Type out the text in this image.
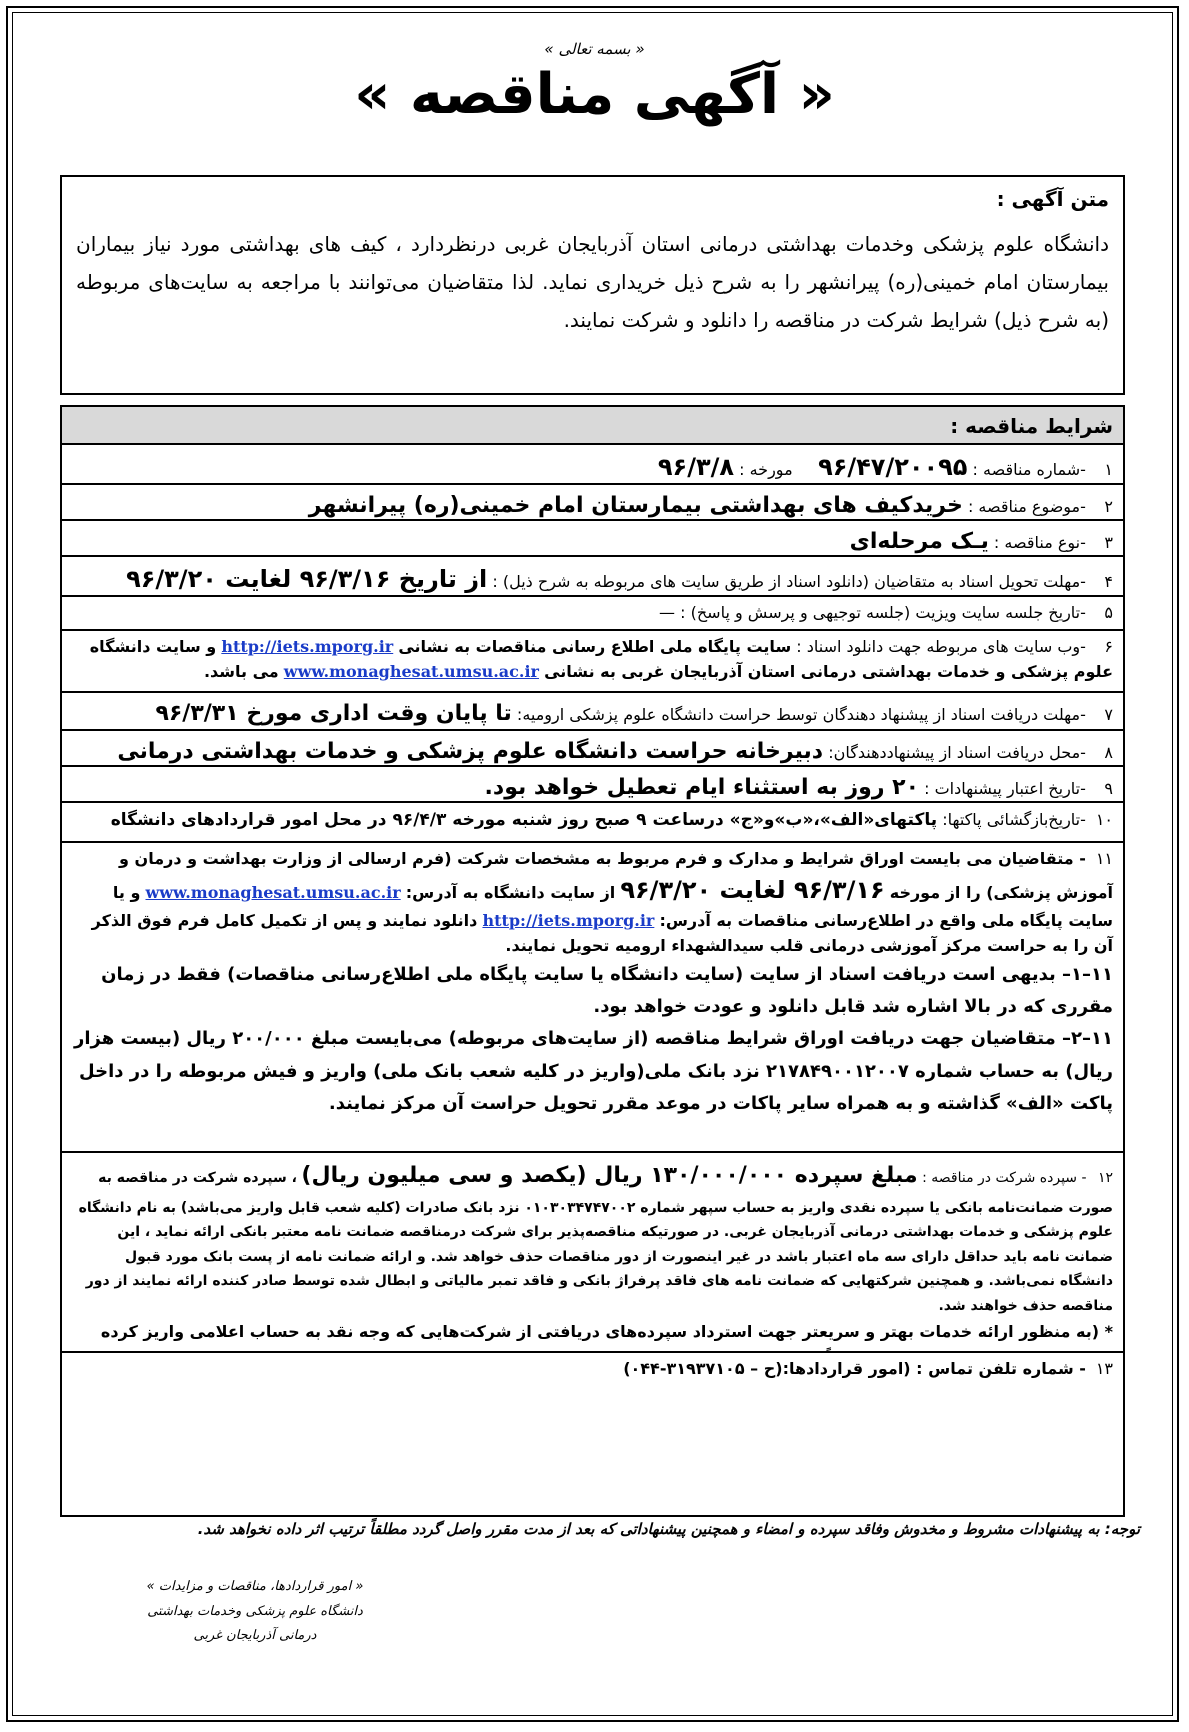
« بسمه تعالی »
« آگهی مناقصه »
متن آگهی :
دانشگاه علوم پزشکی وخدمات بهداشتی درمانی استان آذربایجان غربی درنظردارد ، کیف های بهداشتی مورد نیاز بیماران بیمارستان امام خمینی(ره) پیرانشهر را به شرح ذیل خریداری نماید. لذا متقاضیان می‌توانند با مراجعه به سایت‌های مربوطه (به شرح ذیل) شرایط شرکت در مناقصه را دانلود و شرکت نمایند.
شرایط مناقصه :
۱ -شماره مناقصه : ۹۶/۴۷/۲۰۰۹۵     مورخه : ۹۶/۳/۸
۲ -موضوع مناقصه : خریدکیف های بهداشتی بیمارستان امام خمینی(ره) پیرانشهر
۳ -نوع مناقصه : یـک مرحله‌ای
۴ -مهلت تحویل اسناد به متقاضیان (دانلود اسناد از طریق سایت های مربوطه به شرح ذیل) : از تاریخ ۹۶/۳/۱۶ لغایت ۹۶/۳/۲۰
۵ -تاریخ جلسه سایت ویزیت (جلسه توجیهی و پرسش و پاسخ) : —
۶ -وب سایت های مربوطه جهت دانلود اسناد : سایت پایگاه ملی اطلاع رسانی مناقصات به نشانی http://iets.mporg.ir و سایت دانشگاه علوم پزشکی و خدمات بهداشتی درمانی استان آذربایجان غربی به نشانی www.monaghesat.umsu.ac.ir می باشد.
۷ -مهلت دریافت اسناد از پیشنهاد دهندگان توسط حراست دانشگاه علوم پزشکی ارومیه: تا پایان وقت اداری مورخ ۹۶/۳/۳۱
۸ -محل دریافت اسناد از پیشنهاددهندگان: دبیرخانه حراست دانشگاه علوم پزشکی و خدمات بهداشتی درمانی
۹ -تاریخ اعتبار پیشنهادات : ۲۰ روز به استثناء ایام تعطیل خواهد بود.
۱۰ -تاریخ‌بازگشائی پاکتها: پاکتهای«الف»،«ب»و«ج» درساعت ۹ صبح روز شنبه مورخه ۹۶/۴/۳ در محل امور قراردادهای دانشگاه
۱۱ - متقاضیان می بایست اوراق شرایط و مدارک و فرم مربوط به مشخصات شرکت (فرم ارسالی از وزارت بهداشت و درمان و آموزش پزشکی) را از مورخه ۹۶/۳/۱۶ لغایت ۹۶/۳/۲۰ از سایت دانشگاه به آدرس: www.monaghesat.umsu.ac.ir و یا سایت پایگاه ملی واقع در اطلاع‌رسانی مناقصات به آدرس: http://iets.mporg.ir دانلود نمایند و پس از تکمیل کامل فرم فوق الذکر آن را به حراست مرکز آموزشی درمانی قلب سیدالشهداء ارومیه تحویل نمایند.
۱۱–۱– بدیهی است دریافت اسناد از سایت (سایت دانشگاه یا سایت پایگاه ملی اطلاع‌رسانی مناقصات) فقط در زمان مقرری که در بالا اشاره شد قابل دانلود و عودت خواهد بود.
۱۱–۲– متقاضیان جهت دریافت اوراق شرایط مناقصه (از سایت‌های مربوطه) می‌بایست مبلغ ۲۰۰/۰۰۰ ریال (بیست هزار ریال) به حساب شماره ۲۱۷۸۴۹۰۰۱۲۰۰۷ نزد بانک ملی(واریز در کلیه شعب بانک ملی) واریز و فیش مربوطه را در داخل پاکت «الف» گذاشته و به همراه سایر پاکات در موعد مقرر تحویل حراست آن مرکز نمایند.
۱۲ - سپرده شرکت در مناقصه : مبلغ سپرده ۱۳۰/۰۰۰/۰۰۰ ریال (یکصد و سی میلیون ریال) ، سپرده شرکت در مناقصه به صورت ضمانت‌نامه بانکی یا سپرده نقدی واریز به حساب سپهر شماره ۰۱۰۳۰۳۴۷۴۷۰۰۲ نزد بانک صادرات (کلیه شعب قابل واریز می‌باشد) به نام دانشگاه علوم پزشکی و خدمات بهداشتی درمانی آذربایجان غربی. در صورتیکه مناقصه‌پذیر برای شرکت درمناقصه ضمانت نامه معتبر بانکی ارائه نماید ، این ضمانت نامه باید حداقل دارای سه ماه اعتبار باشد در غیر اینصورت از دور مناقصات حذف خواهد شد. و ارائه ضمانت نامه از پست بانک مورد قبول دانشگاه نمی‌باشد. و همچنین شرکتهایی که ضمانت نامه های فاقد پرفراژ بانکی و فاقد تمبر مالیاتی و ابطال شده توسط صادر کننده ارائه نمایند از دور مناقصه حذف خواهند شد.
* (به منظور ارائه خدمات بهتر و سریعتر جهت استرداد سپرده‌های دریافتی از شرکت‌هایی که وجه نقد به حساب اعلامی واریز کرده
۱۳ - شماره تلفن تماس : (امور قراردادها:(ح – ۳۱۹۳۷۱۰۵-۰۴۴)
توجه: به پیشنهادات مشروط و مخدوش وفاقد سپرده و امضاء و همچنین پیشنهاداتی که بعد از مدت مقرر واصل گردد مطلقاً ترتیب اثر داده نخواهد شد.
« امور قراردادها، مناقصات و مزایدات »
دانشگاه علوم پزشکی وخدمات بهداشتی درمانی آذربایجان غربی
